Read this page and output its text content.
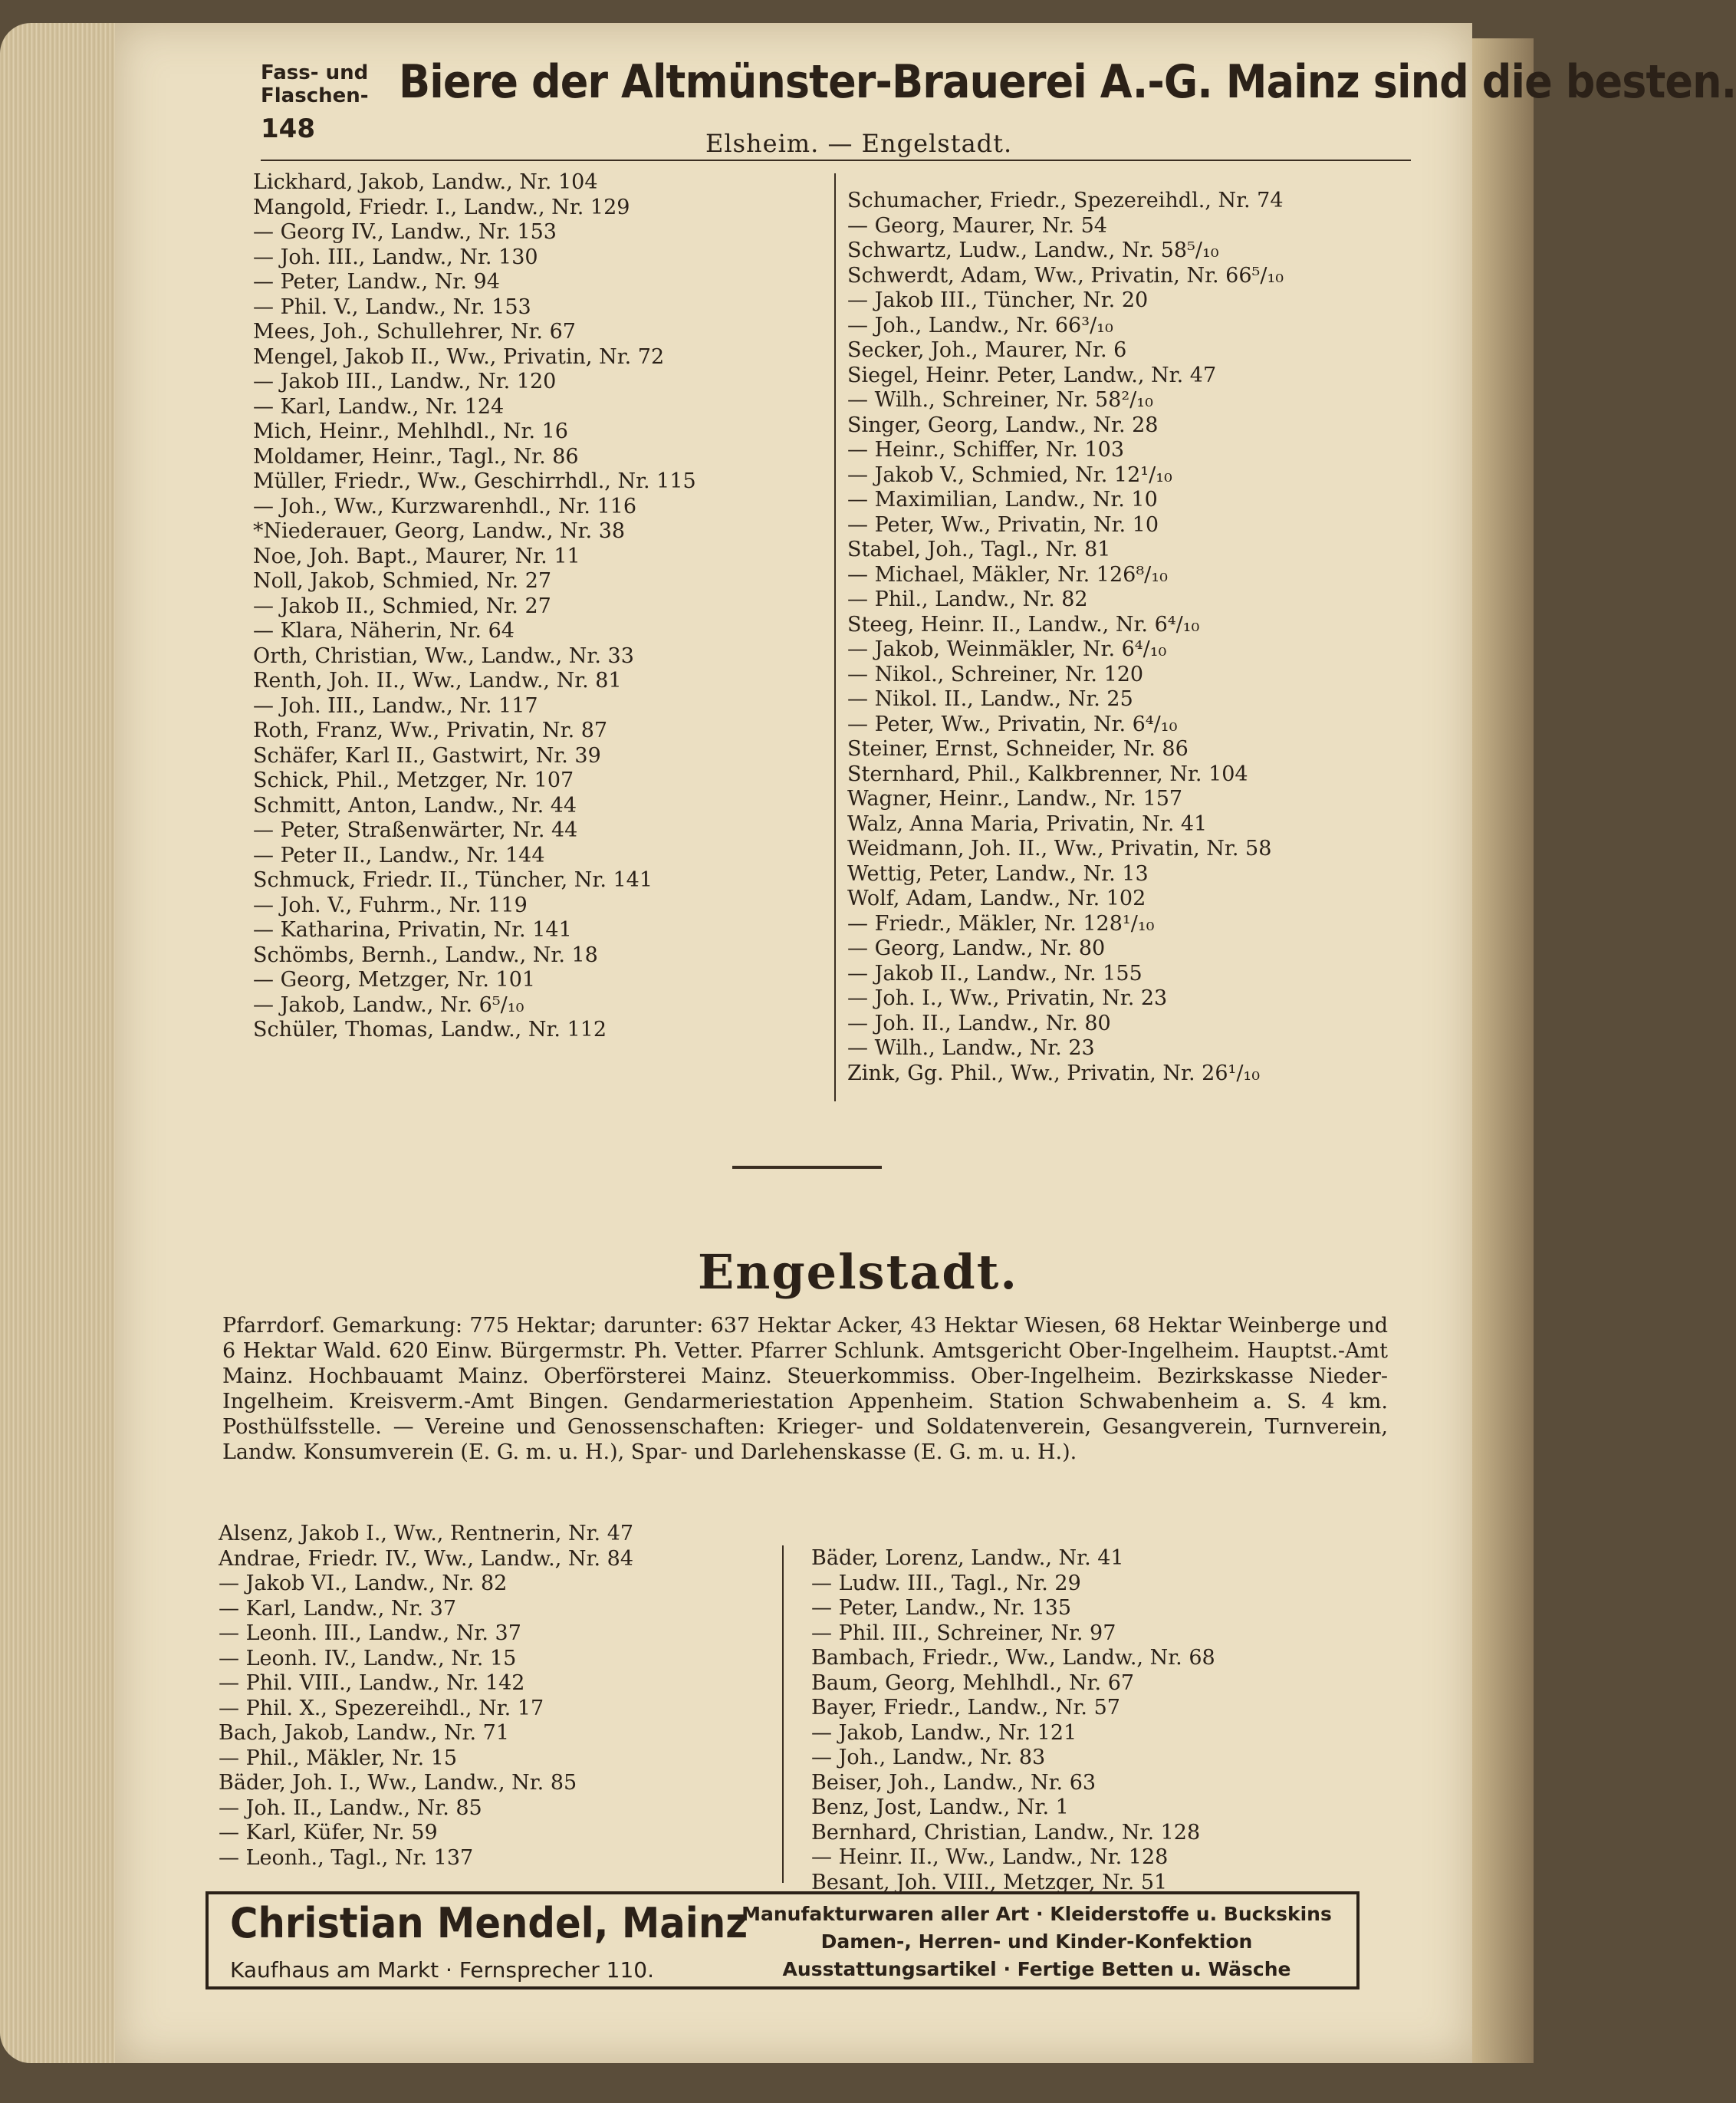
Fass- und Flaschen- Biere der Altmünster-Brauerei A.-G. Mainz sind die besten.
148	Elsheim. — Engelstadt.
Lickhard, Jakob, Landw., Nr. 104
Mangold, Friedr. I., Landw., Nr. 129
— Georg IV., Landw., Nr. 153
— Joh. III., Landw., Nr. 130
— Peter, Landw., Nr. 94
— Phil. V., Landw., Nr. 153
Mees, Joh., Schullehrer, Nr. 67
Mengel, Jakob II., Ww., Privatin, Nr. 72
— Jakob III., Landw., Nr. 120
— Karl, Landw., Nr. 124
Mich, Heinr., Mehlhdl., Nr. 16
Moldamer, Heinr., Tagl., Nr. 86
Müller, Friedr., Ww., Geschirrhdl., Nr. 115
— Joh., Ww., Kurzwarenhdl., Nr. 116
*Niederauer, Georg, Landw., Nr. 38
Noe, Joh. Bapt., Maurer, Nr. 11
Noll, Jakob, Schmied, Nr. 27
— Jakob II., Schmied, Nr. 27
— Klara, Näherin, Nr. 64
Orth, Christian, Ww., Landw., Nr. 33
Renth, Joh. II., Ww., Landw., Nr. 81
— Joh. III., Landw., Nr. 117
Roth, Franz, Ww., Privatin, Nr. 87
Schäfer, Karl II., Gastwirt, Nr. 39
Schick, Phil., Metzger, Nr. 107
Schmitt, Anton, Landw., Nr. 44
— Peter, Straßenwärter, Nr. 44
— Peter II., Landw., Nr. 144
Schmuck, Friedr. II., Tüncher, Nr. 141
— Joh. V., Fuhrm., Nr. 119
— Katharina, Privatin, Nr. 141
Schömbs, Bernh., Landw., Nr. 18
— Georg, Metzger, Nr. 101
— Jakob, Landw., Nr. 6⁵/₁₀
Schüler, Thomas, Landw., Nr. 112
Schumacher, Friedr., Spezereihdl., Nr. 74
— Georg, Maurer, Nr. 54
Schwartz, Ludw., Landw., Nr. 58⁵/₁₀
Schwerdt, Adam, Ww., Privatin, Nr. 66⁵/₁₀
— Jakob III., Tüncher, Nr. 20
— Joh., Landw., Nr. 66³/₁₀
Secker, Joh., Maurer, Nr. 6
Siegel, Heinr. Peter, Landw., Nr. 47
— Wilh., Schreiner, Nr. 58²/₁₀
Singer, Georg, Landw., Nr. 28
— Heinr., Schiffer, Nr. 103
— Jakob V., Schmied, Nr. 12¹/₁₀
— Maximilian, Landw., Nr. 10
— Peter, Ww., Privatin, Nr. 10
Stabel, Joh., Tagl., Nr. 81
— Michael, Mäkler, Nr. 126⁸/₁₀
— Phil., Landw., Nr. 82
Steeg, Heinr. II., Landw., Nr. 6⁴/₁₀
— Jakob, Weinmäkler, Nr. 6⁴/₁₀
— Nikol., Schreiner, Nr. 120
— Nikol. II., Landw., Nr. 25
— Peter, Ww., Privatin, Nr. 6⁴/₁₀
Steiner, Ernst, Schneider, Nr. 86
Sternhard, Phil., Kalkbrenner, Nr. 104
Wagner, Heinr., Landw., Nr. 157
Walz, Anna Maria, Privatin, Nr. 41
Weidmann, Joh. II., Ww., Privatin, Nr. 58
Wettig, Peter, Landw., Nr. 13
Wolf, Adam, Landw., Nr. 102
— Friedr., Mäkler, Nr. 128¹/₁₀
— Georg, Landw., Nr. 80
— Jakob II., Landw., Nr. 155
— Joh. I., Ww., Privatin, Nr. 23
— Joh. II., Landw., Nr. 80
— Wilh., Landw., Nr. 23
Zink, Gg. Phil., Ww., Privatin, Nr. 26¹/₁₀
Engelstadt.
Pfarrdorf. Gemarkung: 775 Hektar; darunter: 637 Hektar Acker, 43 Hektar Wiesen, 68 Hektar Weinberge und 6 Hektar Wald. 620 Einw. Bürgermstr. Ph. Vetter. Pfarrer Schlunk. Amtsgericht Ober-Ingelheim. Hauptst.-Amt Mainz. Hochbauamt Mainz. Oberförsterei Mainz. Steuerkommiss. Ober-Ingelheim. Bezirkskasse Nieder-Ingelheim. Kreisverm.-Amt Bingen. Gendarmeriestation Appenheim. Station Schwabenheim a. S. 4 km. Posthülfsstelle. — Vereine und Genossenschaften: Krieger- und Soldatenverein, Gesangverein, Turnverein, Landw. Konsumverein (E. G. m. u. H.), Spar- und Darlehenskasse (E. G. m. u. H.).
Alsenz, Jakob I., Ww., Rentnerin, Nr. 47
Andrae, Friedr. IV., Ww., Landw., Nr. 84
— Jakob VI., Landw., Nr. 82
— Karl, Landw., Nr. 37
— Leonh. III., Landw., Nr. 37
— Leonh. IV., Landw., Nr. 15
— Phil. VIII., Landw., Nr. 142
— Phil. X., Spezereihdl., Nr. 17
Bach, Jakob, Landw., Nr. 71
— Phil., Mäkler, Nr. 15
Bäder, Joh. I., Ww., Landw., Nr. 85
— Joh. II., Landw., Nr. 85
— Karl, Küfer, Nr. 59
— Leonh., Tagl., Nr. 137
Bäder, Lorenz, Landw., Nr. 41
— Ludw. III., Tagl., Nr. 29
— Peter, Landw., Nr. 135
— Phil. III., Schreiner, Nr. 97
Bambach, Friedr., Ww., Landw., Nr. 68
Baum, Georg, Mehlhdl., Nr. 67
Bayer, Friedr., Landw., Nr. 57
— Jakob, Landw., Nr. 121
— Joh., Landw., Nr. 83
Beiser, Joh., Landw., Nr. 63
Benz, Jost, Landw., Nr. 1
Bernhard, Christian, Landw., Nr. 128
— Heinr. II., Ww., Landw., Nr. 128
Besant, Joh. VIII., Metzger, Nr. 51
Christian Mendel, Mainz
Kaufhaus am Markt · Fernsprecher 110.
Manufakturwaren aller Art · Kleiderstoffe u. Buckskins
Damen-, Herren- und Kinder-Konfektion
Ausstattungsartikel · Fertige Betten u. Wäsche
